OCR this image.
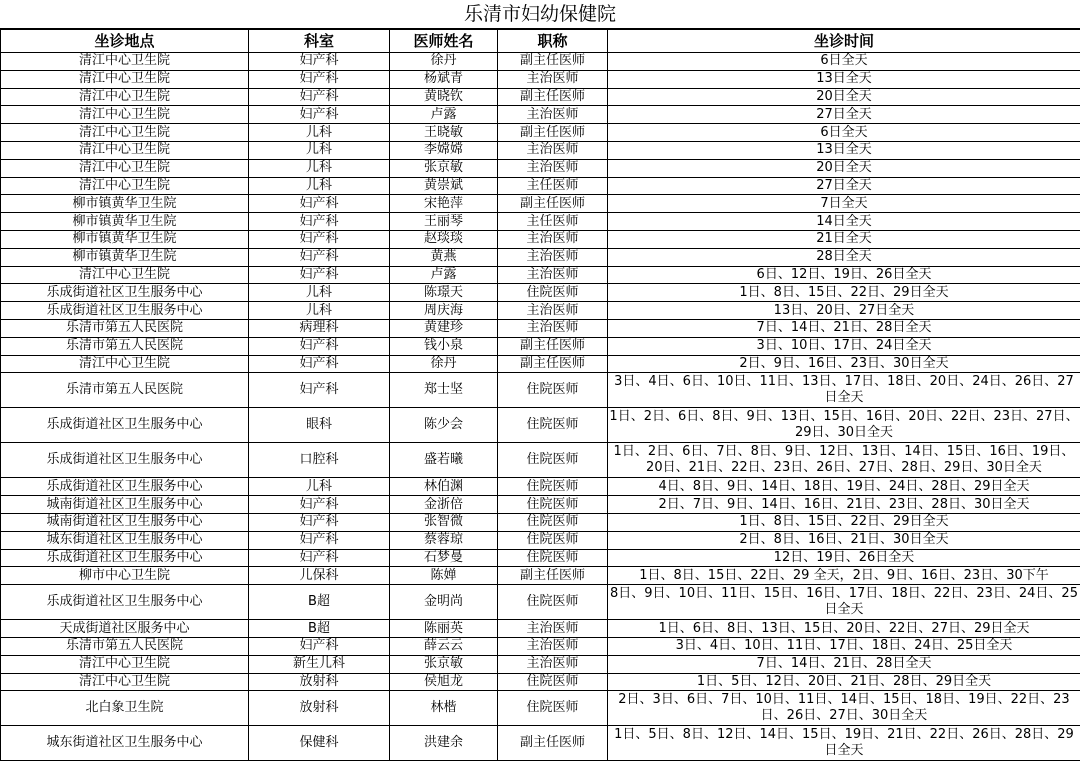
乐清市妇幼保健院
坐诊地点	科室	医师姓名	职称	坐诊时间
清江中心卫生院	妇产科	徐丹	副主任医师	6日全天
清江中心卫生院	妇产科	杨斌青	主治医师	13日全天
清江中心卫生院	妇产科	黄晓钦	副主任医师	20日全天
清江中心卫生院	妇产科	卢露	主治医师	27日全天
清江中心卫生院	儿科	王晓敏	副主任医师	6日全天
清江中心卫生院	儿科	李嫦嫦	主治医师	13日全天
清江中心卫生院	儿科	张京敏	主治医师	20日全天
清江中心卫生院	儿科	黄崇斌	主任医师	27日全天
柳市镇黄华卫生院	妇产科	宋艳萍	副主任医师	7日全天
柳市镇黄华卫生院	妇产科	王丽琴	主任医师	14日全天
柳市镇黄华卫生院	妇产科	赵琰琰	主治医师	21日全天
柳市镇黄华卫生院	妇产科	黄燕	主治医师	28日全天
清江中心卫生院	妇产科	卢露	主治医师	6日、12日、19日、26日全天
乐成街道社区卫生服务中心	儿科	陈璟天	住院医师	1日、8日、15日、22日、29日全天
乐成街道社区卫生服务中心	儿科	周庆海	主治医师	13日、20日、27日全天
乐清市第五人民医院	病理科	黄建珍	主治医师	7日、14日、21日、28日全天
乐清市第五人民医院	妇产科	钱小泉	副主任医师	3日、10日、17日、24日全天
清江中心卫生院	妇产科	徐丹	副主任医师	2日、9日、16日、23日、30日全天
乐清市第五人民医院	妇产科	郑士坚	住院医师	3日、4日、6日、10日、11日、13日、17日、18日、20日、24日、26日、27日全天
乐成街道社区卫生服务中心	眼科	陈少会	住院医师	1日、2日、6日、8日、9日、13日、15日、16日、20日、22日、23日、27日、29日、30日全天
乐成街道社区卫生服务中心	口腔科	盛若曦	住院医师	1日、2日、6日、7日、8日、9日、12日、13日、14日、15日、16日、19日、20日、21日、22日、23日、26日、27日、28日、29日、30日全天
乐成街道社区卫生服务中心	儿科	林伯渊	住院医师	4日、8日、9日、14日、18日、19日、24日、28日、29日全天
城南街道社区卫生服务中心	妇产科	金浙倍	住院医师	2日、7日、9日、14日、16日、21日、23日、28日、30日全天
城南街道社区卫生服务中心	妇产科	张智微	住院医师	1日、8日、15日、22日、29日全天
城东街道社区卫生服务中心	妇产科	蔡蓉琼	住院医师	2日、8日、16日、21日、30日全天
乐成街道社区卫生服务中心	妇产科	石梦曼	住院医师	12日、19日、26日全天
柳市中心卫生院	儿保科	陈婵	副主任医师	1日、8日、15日、22日、29 全天，2日、9日、16日、23日、30下午
乐成街道社区卫生服务中心	B超	金明尚	住院医师	8日、9日、10日、11日、15日、16日、17日、18日、22日、23日、24日、25日全天
天成街道社区服务中心	B超	陈丽英	主治医师	1日、6日、8日、13日、15日、20日、22日、27日、29日全天
乐清市第五人民医院	妇产科	薛云云	主治医师	3日、4日、10日、11日、17日、18日、24日、25日全天
清江中心卫生院	新生儿科	张京敏	主治医师	7日、14日、21日、28日全天
清江中心卫生院	放射科	侯旭龙	住院医师	1日、5日、12日、20日、21日、28日、29日全天
北白象卫生院	放射科	林楷	住院医师	2日、3日、6日、7日、10日、11日、14日、15日、18日、19日、22日、23日、26日、27日、30日全天
城东街道社区卫生服务中心	保健科	洪建余	副主任医师	1日、5日、8日、12日、14日、15日、19日、21日、22日、26日、28日、29日全天
